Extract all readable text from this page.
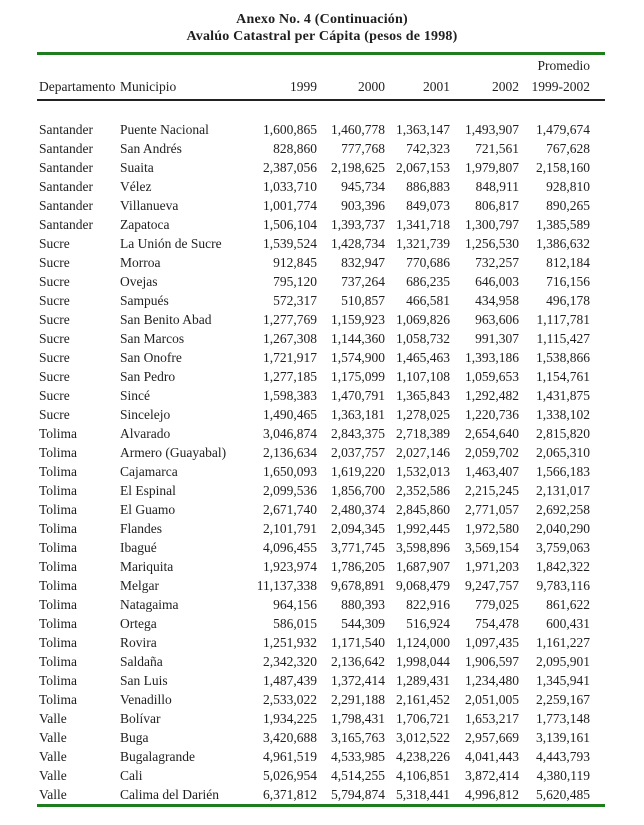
Anexo No. 4 (Continuación)
Avalúo Catastral per Cápita (pesos de 1998)
						Promedio
Departamento	Municipio	1999	2000	2001	2002	1999-2002

Santander	Puente Nacional	1,600,865	1,460,778	1,363,147	1,493,907	1,479,674
Santander	San Andrés	828,860	777,768	742,323	721,561	767,628
Santander	Suaita	2,387,056	2,198,625	2,067,153	1,979,807	2,158,160
Santander	Vélez	1,033,710	945,734	886,883	848,911	928,810
Santander	Villanueva	1,001,774	903,396	849,073	806,817	890,265
Santander	Zapatoca	1,506,104	1,393,737	1,341,718	1,300,797	1,385,589
Sucre	La Unión de Sucre	1,539,524	1,428,734	1,321,739	1,256,530	1,386,632
Sucre	Morroa	912,845	832,947	770,686	732,257	812,184
Sucre	Ovejas	795,120	737,264	686,235	646,003	716,156
Sucre	Sampués	572,317	510,857	466,581	434,958	496,178
Sucre	San Benito Abad	1,277,769	1,159,923	1,069,826	963,606	1,117,781
Sucre	San Marcos	1,267,308	1,144,360	1,058,732	991,307	1,115,427
Sucre	San Onofre	1,721,917	1,574,900	1,465,463	1,393,186	1,538,866
Sucre	San Pedro	1,277,185	1,175,099	1,107,108	1,059,653	1,154,761
Sucre	Sincé	1,598,383	1,470,791	1,365,843	1,292,482	1,431,875
Sucre	Sincelejo	1,490,465	1,363,181	1,278,025	1,220,736	1,338,102
Tolima	Alvarado	3,046,874	2,843,375	2,718,389	2,654,640	2,815,820
Tolima	Armero (Guayabal)	2,136,634	2,037,757	2,027,146	2,059,702	2,065,310
Tolima	Cajamarca	1,650,093	1,619,220	1,532,013	1,463,407	1,566,183
Tolima	El Espinal	2,099,536	1,856,700	2,352,586	2,215,245	2,131,017
Tolima	El Guamo	2,671,740	2,480,374	2,845,860	2,771,057	2,692,258
Tolima	Flandes	2,101,791	2,094,345	1,992,445	1,972,580	2,040,290
Tolima	Ibagué	4,096,455	3,771,745	3,598,896	3,569,154	3,759,063
Tolima	Mariquita	1,923,974	1,786,205	1,687,907	1,971,203	1,842,322
Tolima	Melgar	11,137,338	9,678,891	9,068,479	9,247,757	9,783,116
Tolima	Natagaima	964,156	880,393	822,916	779,025	861,622
Tolima	Ortega	586,015	544,309	516,924	754,478	600,431
Tolima	Rovira	1,251,932	1,171,540	1,124,000	1,097,435	1,161,227
Tolima	Saldaña	2,342,320	2,136,642	1,998,044	1,906,597	2,095,901
Tolima	San Luis	1,487,439	1,372,414	1,289,431	1,234,480	1,345,941
Tolima	Venadillo	2,533,022	2,291,188	2,161,452	2,051,005	2,259,167
Valle	Bolívar	1,934,225	1,798,431	1,706,721	1,653,217	1,773,148
Valle	Buga	3,420,688	3,165,763	3,012,522	2,957,669	3,139,161
Valle	Bugalagrande	4,961,519	4,533,985	4,238,226	4,041,443	4,443,793
Valle	Cali	5,026,954	4,514,255	4,106,851	3,872,414	4,380,119
Valle	Calima del Darién	6,371,812	5,794,874	5,318,441	4,996,812	5,620,485
